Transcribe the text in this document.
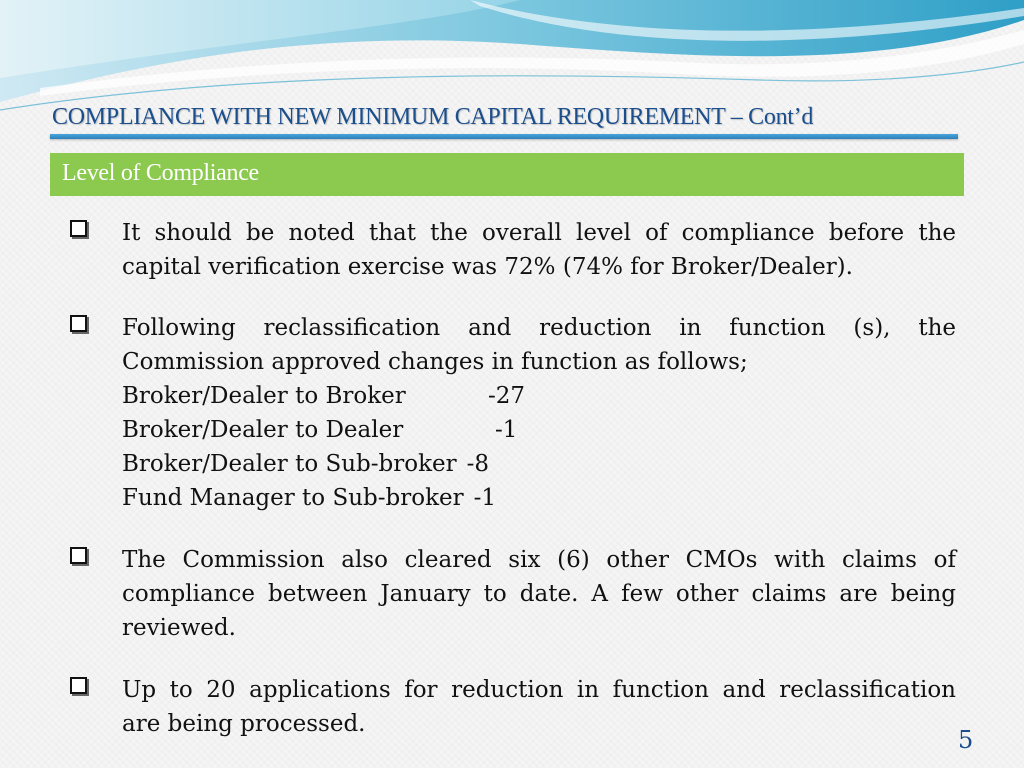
COMPLIANCE WITH NEW MINIMUM CAPITAL REQUIREMENT – Cont’d
Level of Compliance

It should be noted that the overall level of compliance before the

capital verification exercise was 72% (74% for Broker/Dealer).

Following reclassification and reduction in function (s), the

Commission approved changes in function as follows;

Broker/Dealer to Broker	-27
Broker/Dealer to Dealer	-1
Broker/Dealer to Sub-broker -8
Fund Manager to Sub-broker -1

The Commission also cleared six (6) other CMOs with claims of

compliance between January to date. A few other claims are being

reviewed.

Up to 20 applications for reduction in function and reclassification

are being processed.

5
